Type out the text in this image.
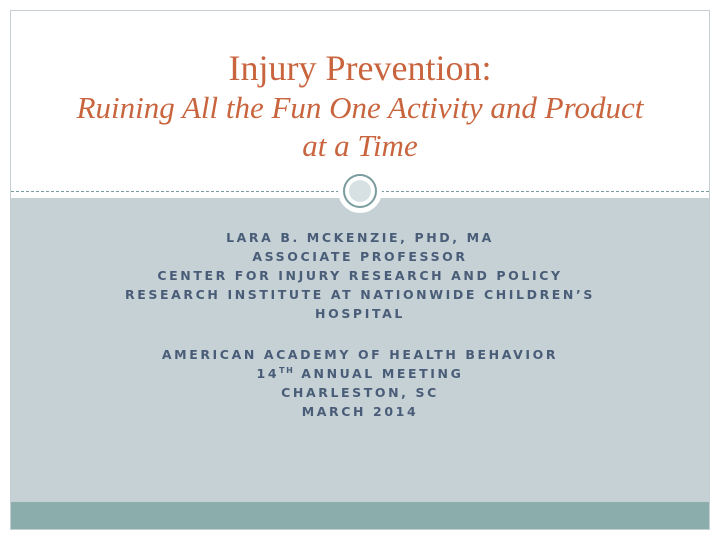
Injury Prevention:
Ruining All the Fun One Activity and Product at a Time
LARA B. MCKENZIE, PHD, MA
ASSOCIATE PROFESSOR
CENTER FOR INJURY RESEARCH AND POLICY
RESEARCH INSTITUTE AT NATIONWIDE CHILDREN’S HOSPITAL
AMERICAN ACADEMY OF HEALTH BEHAVIOR
14TH ANNUAL MEETING
CHARLESTON, SC
MARCH 2014
